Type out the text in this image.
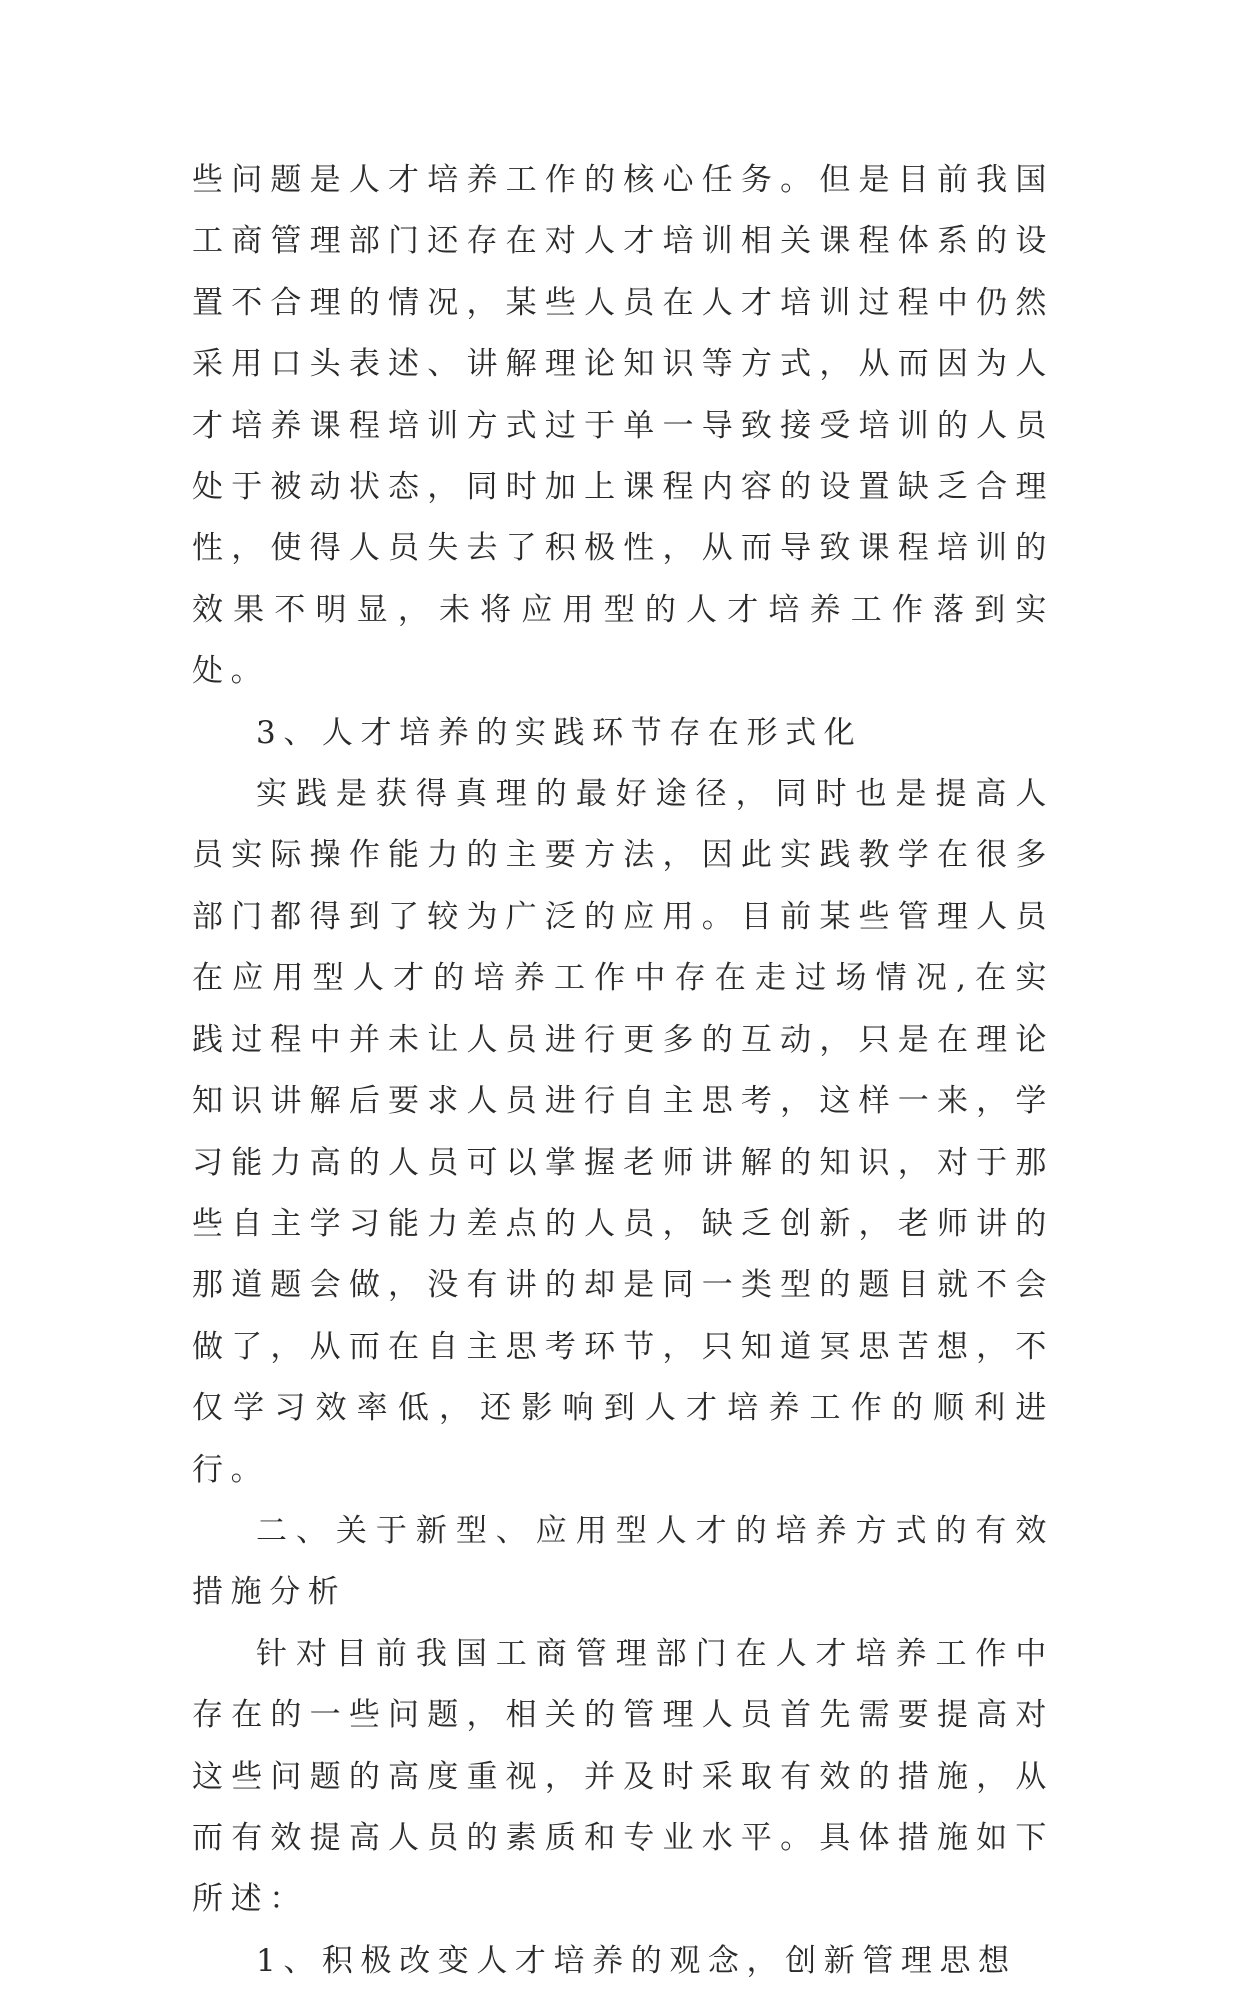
些问题是人才培养工作的核心任务。但是目前我国工商管理部门还存在对人才培训相关课程体系的设置不合理的情况，某些人员在人才培训过程中仍然采用口头表述、讲解理论知识等方式，从而因为人才培养课程培训方式过于单一导致接受培训的人员处于被动状态，同时加上课程内容的设置缺乏合理性，使得人员失去了积极性，从而导致课程培训的效果不明显，未将应用型的人才培养工作落到实处。

3、人才培养的实践环节存在形式化

实践是获得真理的最好途径，同时也是提高人员实际操作能力的主要方法，因此实践教学在很多部门都得到了较为广泛的应用。目前某些管理人员在应用型人才的培养工作中存在走过场情况,在实践过程中并未让人员进行更多的互动，只是在理论知识讲解后要求人员进行自主思考，这样一来，学习能力高的人员可以掌握老师讲解的知识，对于那些自主学习能力差点的人员，缺乏创新，老师讲的那道题会做，没有讲的却是同一类型的题目就不会做了，从而在自主思考环节，只知道冥思苦想，不仅学习效率低，还影响到人才培养工作的顺利进行。

二、关于新型、应用型人才的培养方式的有效措施分析

针对目前我国工商管理部门在人才培养工作中存在的一些问题，相关的管理人员首先需要提高对这些问题的高度重视，并及时采取有效的措施，从而有效提高人员的素质和专业水平。具体措施如下所述：

1、积极改变人才培养的观念，创新管理思想
